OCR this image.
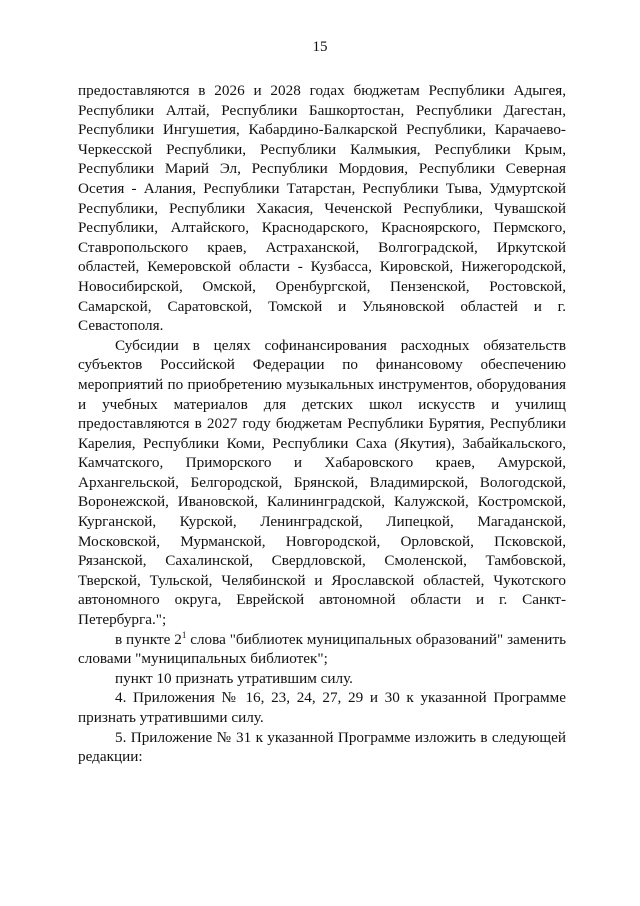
15

предоставляются в 2026 и 2028 годах бюджетам Республики Адыгея, Республики Алтай, Республики Башкортостан, Республики Дагестан, Республики Ингушетия, Кабардино-Балкарской Республики, Карачаево-Черкесской Республики, Республики Калмыкия, Республики Крым, Республики Марий Эл, Республики Мордовия, Республики Северная Осетия - Алания, Республики Татарстан, Республики Тыва, Удмуртской Республики, Республики Хакасия, Чеченской Республики, Чувашской Республики, Алтайского, Краснодарского, Красноярского, Пермского, Ставропольского краев, Астраханской, Волгоградской, Иркутской областей, Кемеровской области - Кузбасса, Кировской, Нижегородской, Новосибирской, Омской, Оренбургской, Пензенской, Ростовской, Самарской, Саратовской, Томской и Ульяновской областей и г. Севастополя.

Субсидии в целях софинансирования расходных обязательств субъектов Российской Федерации по финансовому обеспечению мероприятий по приобретению музыкальных инструментов, оборудования и учебных материалов для детских школ искусств и училищ предоставляются в 2027 году бюджетам Республики Бурятия, Республики Карелия, Республики Коми, Республики Саха (Якутия), Забайкальского, Камчатского, Приморского и Хабаровского краев, Амурской, Архангельской, Белгородской, Брянской, Владимирской, Вологодской, Воронежской, Ивановской, Калининградской, Калужской, Костромской, Курганской, Курской, Ленинградской, Липецкой, Магаданской, Московской, Мурманской, Новгородской, Орловской, Псковской, Рязанской, Сахалинской, Свердловской, Смоленской, Тамбовской, Тверской, Тульской, Челябинской и Ярославской областей, Чукотского автономного округа, Еврейской автономной области и г. Санкт-Петербурга.";

в пункте $2^1$ слова "библиотек муниципальных образований" заменить словами "муниципальных библиотек";

пункт 10 признать утратившим силу.

4. Приложения № 16, 23, 24, 27, 29 и 30 к указанной Программе признать утратившими силу.

5. Приложение № 31 к указанной Программе изложить в следующей редакции:
